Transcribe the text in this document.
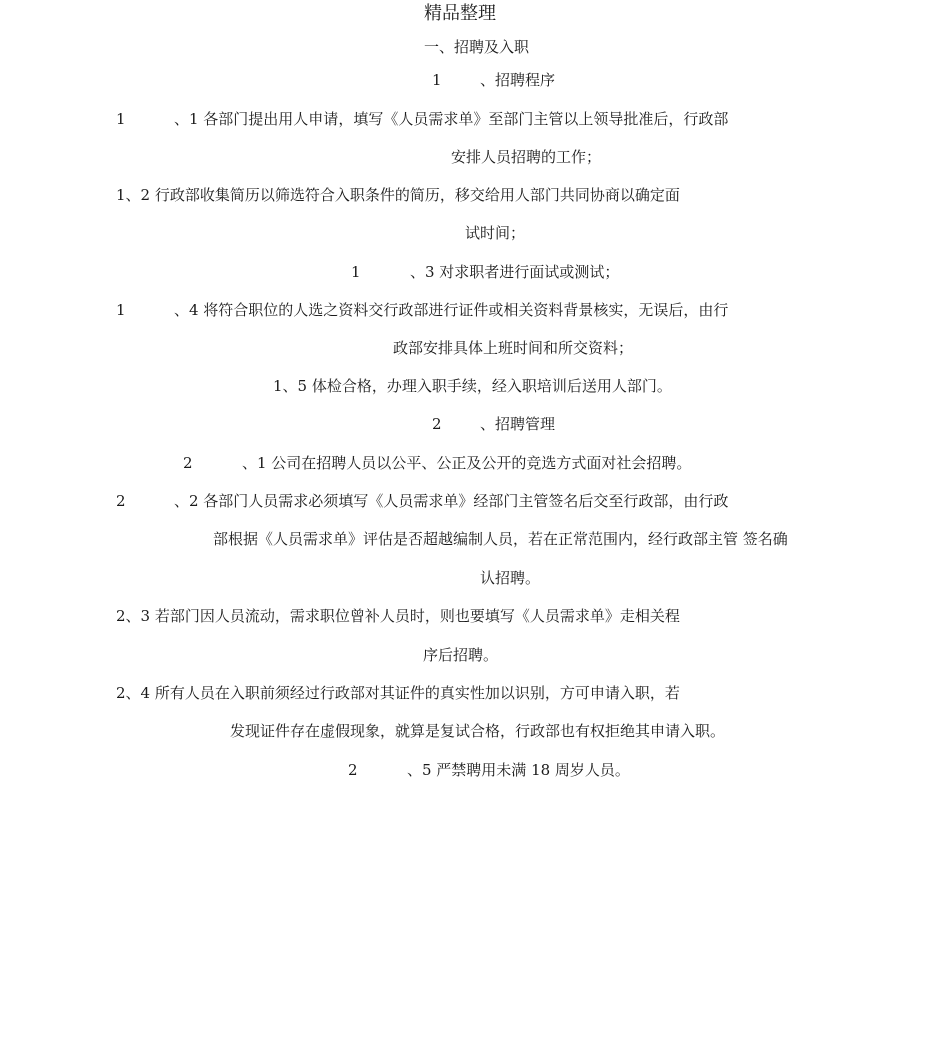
精品整理
一、招聘及入职
1	、招聘程序
1	、1 各部门提出用人申请，填写《人员需求单》至部门主管以上领导批准后，行政部
安排人员招聘的工作；
1、2 行政部收集简历以筛选符合入职条件的简历，移交给用人部门共同协商以确定面
试时间；
1	、3 对求职者进行面试或测试；
1	、4 将符合职位的人选之资料交行政部进行证件或相关资料背景核实，无误后，由行
政部安排具体上班时间和所交资料；
1、5 体检合格，办理入职手续，经入职培训后送用人部门。
2	、招聘管理
2	、1 公司在招聘人员以公平、公正及公开的竞选方式面对社会招聘。
2	、2 各部门人员需求必须填写《人员需求单》经部门主管签名后交至行政部，由行政
部根据《人员需求单》评估是否超越编制人员，若在正常范围内，经行政部主管 签名确
认招聘。
2、3 若部门因人员流动，需求职位曾补人员时，则也要填写《人员需求单》走相关程
序后招聘。
2、4 所有人员在入职前须经过行政部对其证件的真实性加以识别，方可申请入职，若
发现证件存在虚假现象，就算是复试合格，行政部也有权拒绝其申请入职。
2	、5 严禁聘用未满 18 周岁人员。
